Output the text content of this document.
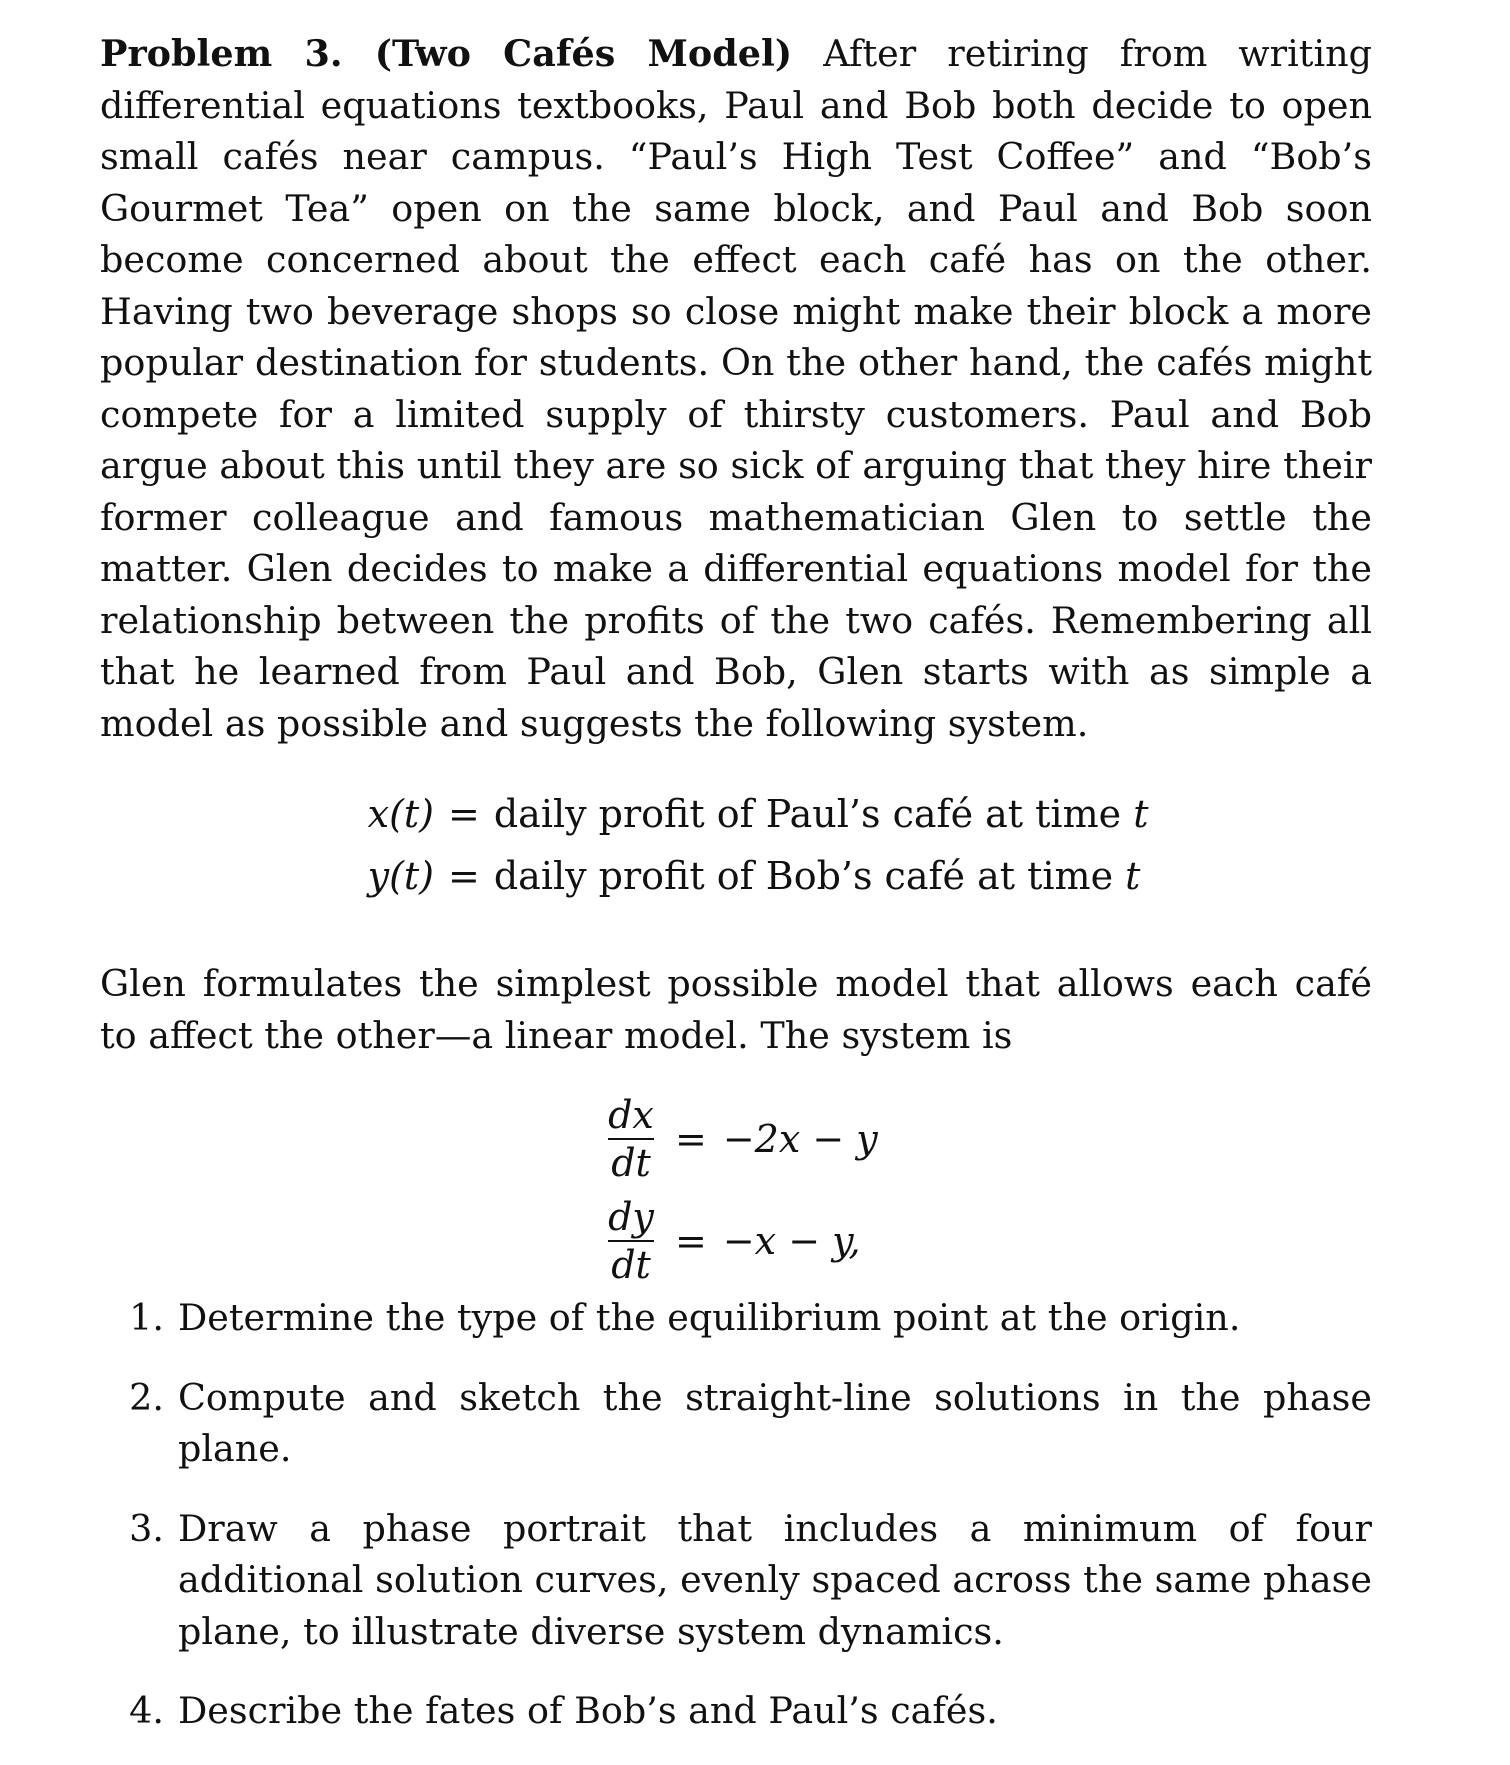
Problem 3. (Two Cafés Model) After retiring from writing differential equations textbooks, Paul and Bob both decide to open small cafés near campus. “Paul’s High Test Coffee” and “Bob’s Gourmet Tea” open on the same block, and Paul and Bob soon become concerned about the effect each café has on the other. Having two beverage shops so close might make their block a more popular destination for students. On the other hand, the cafés might compete for a limited supply of thirsty customers. Paul and Bob argue about this until they are so sick of arguing that they hire their former colleague and famous mathematician Glen to settle the matter. Glen decides to make a differential equations model for the relationship between the profits of the two cafés. Remembering all that he learned from Paul and Bob, Glen starts with as simple a model as possible and suggests the following system.

x(t) = daily profit of Paul’s café at time
t
y(t) = daily profit of Bob’s café at time
t

Glen formulates the simplest possible model that allows each café to affect the other—a linear model. The system is

$\frac{dx}{dt} = -2x - y$
$\frac{dy}{dt} = -x - y$,
1. Determine the type of the equilibrium point at the origin.
2. Compute and sketch the straight-line solutions in the phase plane.
3. Draw a phase portrait that includes a minimum of four additional solution curves, evenly spaced across the same phase plane, to illustrate diverse system dynamics.
4. Describe the fates of Bob’s and Paul’s cafés.
